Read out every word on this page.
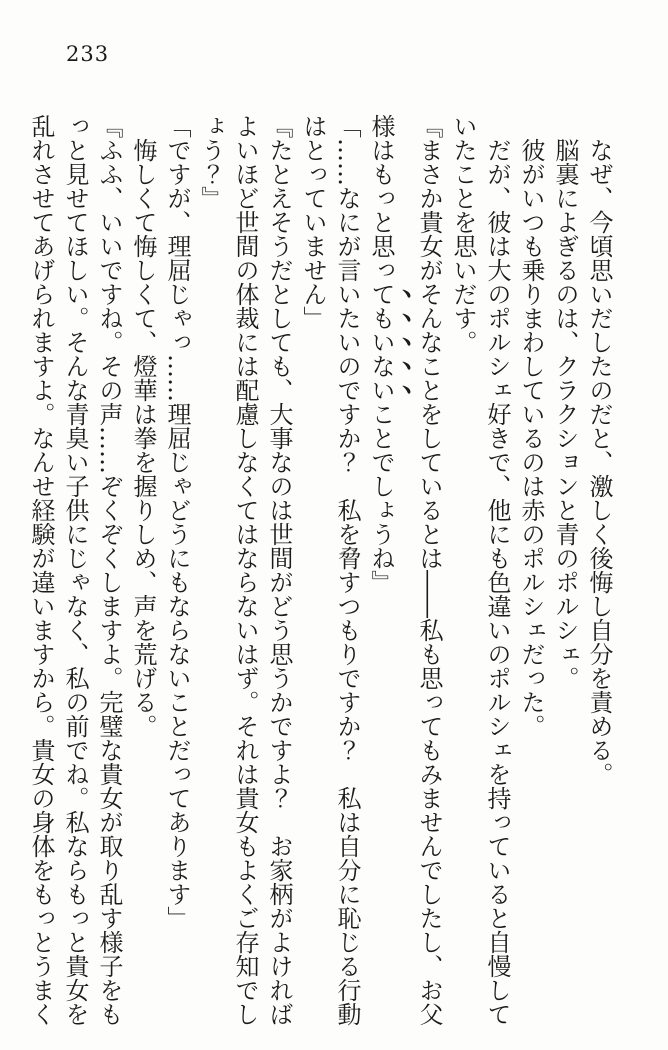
233
なぜ、今頃思いだしたのだと、激しく後悔し自分を責める。
脳裏によぎるのは、クラクションと青のポルシェ。
彼がいつも乗りまわしているのは赤のポルシェだった。
だが、彼は大のポルシェ好きで、他にも色違いのポルシェを持っていると自慢して
いたことを思いだす。
『まさか貴女がそんなことをしているとは――私も思ってもみませんでしたし、お父
様はもっと思ってもいないことでしょうね』
「……なにが言いたいのですか？　私を脅すつもりですか？　私は自分に恥じる行動
はとっていません」
『たとえそうだとしても、大事なのは世間がどう思うかですよ？　お家柄がよければ
よいほど世間の体裁には配慮しなくてはならないはず。それは貴女もよくご存知でし
ょう？』
「ですが、理屈じゃっ……理屈じゃどうにもならないことだってあります」
悔しくて悔しくて、燈華は拳を握りしめ、声を荒げる。
『ふふ、いいですね。その声……ぞくぞくしますよ。完璧な貴女が取り乱す様子をも
っと見せてほしい。そんな青臭い子供にじゃなく、私の前でね。私ならもっと貴女を
乱れさせてあげられますよ。なんせ経験が違いますから。貴女の身体をもっとうまく
